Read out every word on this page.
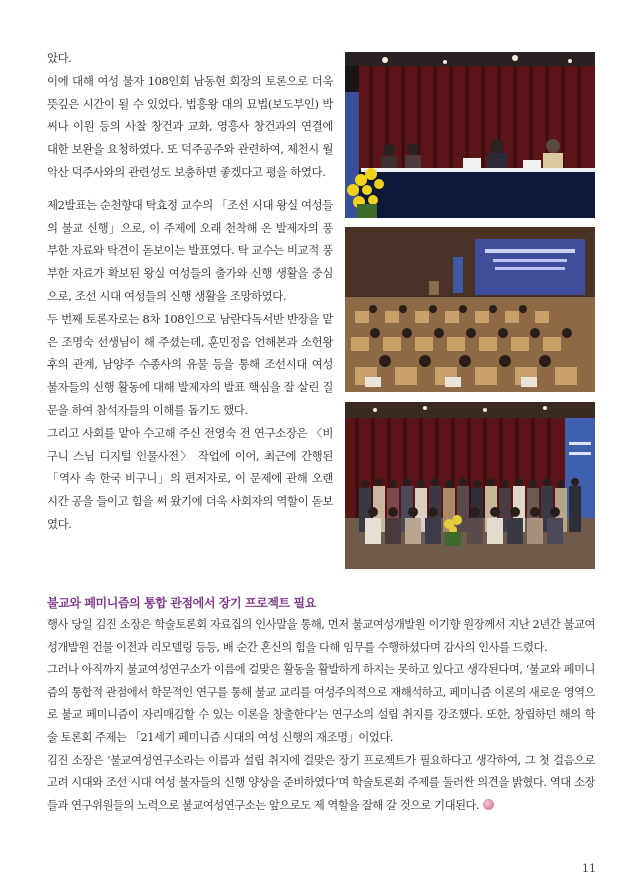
았다.
이에 대해 여성 불자 108인회 남동현 회장의 토론으로 더욱 뜻깊은 시간이 될 수 있었다. 법흥왕 대의 묘법(보도부인) 박씨나 이원 등의 사찰 창건과 교화, 영흥사 창건과의 연결에 대한 보완을 요청하였다. 또 덕주공주와 관련하여, 제천시 월악산 덕주사와의 관련성도 보충하면 좋겠다고 평을 하였다.

제2발표는 순천향대 탁효정 교수의 「조선 시대 왕실 여성들의 불교 신행」으로, 이 주제에 오래 천착해 온 발제자의 풍부한 자료와 탁견이 돋보이는 발표였다. 탁 교수는 비교적 풍부한 자료가 확보된 왕실 여성들의 출가와 신행 생활을 중심으로, 조선 시대 여성들의 신행 생활을 조망하였다.
두 번째 토론자로는 8차 108인으로 남란다독서반 반장을 맡은 조명숙 선생님이 해 주셨는데, 훈민정음 언해본과 소헌왕후의 관계, 남양주 수종사의 유물 등을 통해 조선시대 여성 불자들의 신행 활동에 대해 발제자의 발표 핵심을 잘 살린 질문을 하여 참석자들의 이해를 돕기도 했다.
그리고 사회를 맡아 수고해 주신 전영숙 전 연구소장은 〈비구니 스님 디지털 인물사전〉 작업에 이어, 최근에 간행된 「역사 속 한국 비구니」의 편저자로, 이 문제에 관해 오랜 시간 공을 들이고 힘을 써 왔기에 더욱 사회자의 역할이 돋보였다.

불교와 페미니즘의 통합 관점에서 장기 프로젝트 필요

행사 당일 김진 소장은 학술토론회 자료집의 인사말을 통해, 먼저 불교여성개발원 이기향 원장께서 지난 2년간 불교여성개발원 건물 이전과 리모델링 등등, 배 순간 혼신의 힘을 다해 임무를 수행하셨다며 감사의 인사를 드렸다.
그러나 아직까지 불교여성연구소가 이름에 걸맞은 활동을 활발하게 하지는 못하고 있다고 생각된다며, ‘불교와 페미니즘의 통합적 관점에서 학문적인 연구를 통해 불교 교리를 여성주의적으로 재해석하고, 페미니즘 이론의 새로운 영역으로 불교 페미니즘이 자리매김할 수 있는 이론을 창출한다’는 연구소의 설립 취지를 강조했다. 또한, 창립하던 해의 학술 토론회 주제는 「21세기 페미니즘 시대의 여성 신행의 재조명」이었다.
김진 소장은 ‘불교여성연구소라는 이름과 설립 취지에 걸맞은 장기 프로젝트가 필요하다고 생각하여, 그 첫 걸음으로 고려 시대와 조선 시대 여성 불자들의 신행 양상을 준비하였다’며 학술토론회 주제를 둘러싼 의견을 밝혔다. 역대 소장들과 연구위원들의 노력으로 불교여성연구소는 앞으로도 제 역할을 잘해 갈 것으로 기대된다.

11
